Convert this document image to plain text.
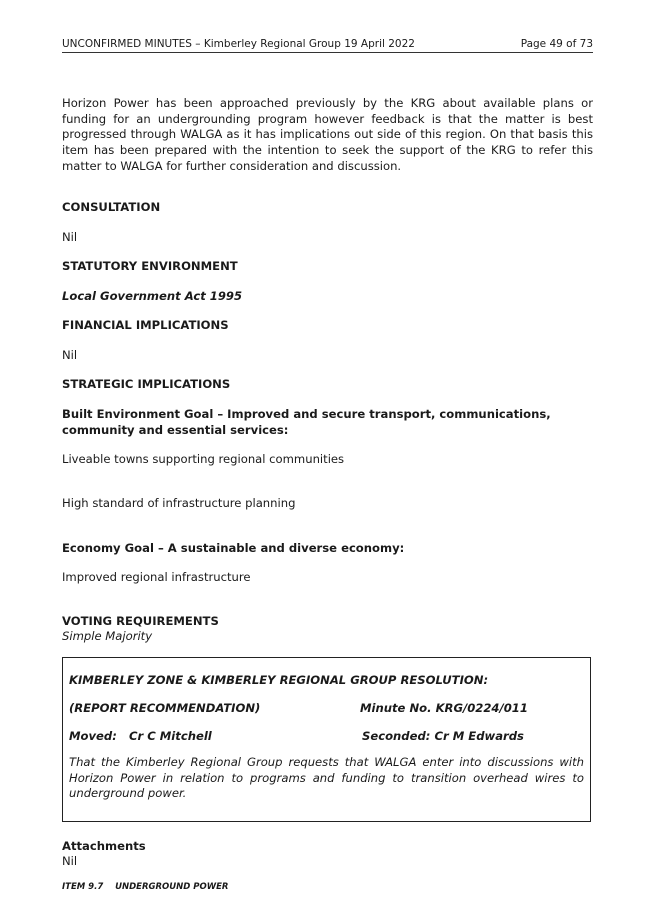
UNCONFIRMED MINUTES – Kimberley Regional Group 19 April 2022	Page 49 of 73

Horizon Power has been approached previously by the KRG about available plans or funding for an undergrounding program however feedback is that the matter is best progressed through WALGA as it has implications out side of this region. On that basis this item has been prepared with the intention to seek the support of the KRG to refer this matter to WALGA for further consideration and discussion.

CONSULTATION

Nil

STATUTORY ENVIRONMENT

Local Government Act 1995

FINANCIAL IMPLICATIONS

Nil

STRATEGIC IMPLICATIONS

Built Environment Goal – Improved and secure transport, communications, community and essential services:

Liveable towns supporting regional communities

High standard of infrastructure planning

Economy Goal – A sustainable and diverse economy:

Improved regional infrastructure

VOTING REQUIREMENTS

Simple Majority

KIMBERLEY ZONE & KIMBERLEY REGIONAL GROUP RESOLUTION:
(REPORT RECOMMENDATION)	Minute No. KRG/0224/011
Moved:   Cr C Mitchell	Seconded: Cr M Edwards

That the Kimberley Regional Group requests that WALGA enter into discussions with Horizon Power in relation to programs and funding to transition overhead wires to underground power.

Attachments

Nil

ITEM 9.7    UNDERGROUND POWER
